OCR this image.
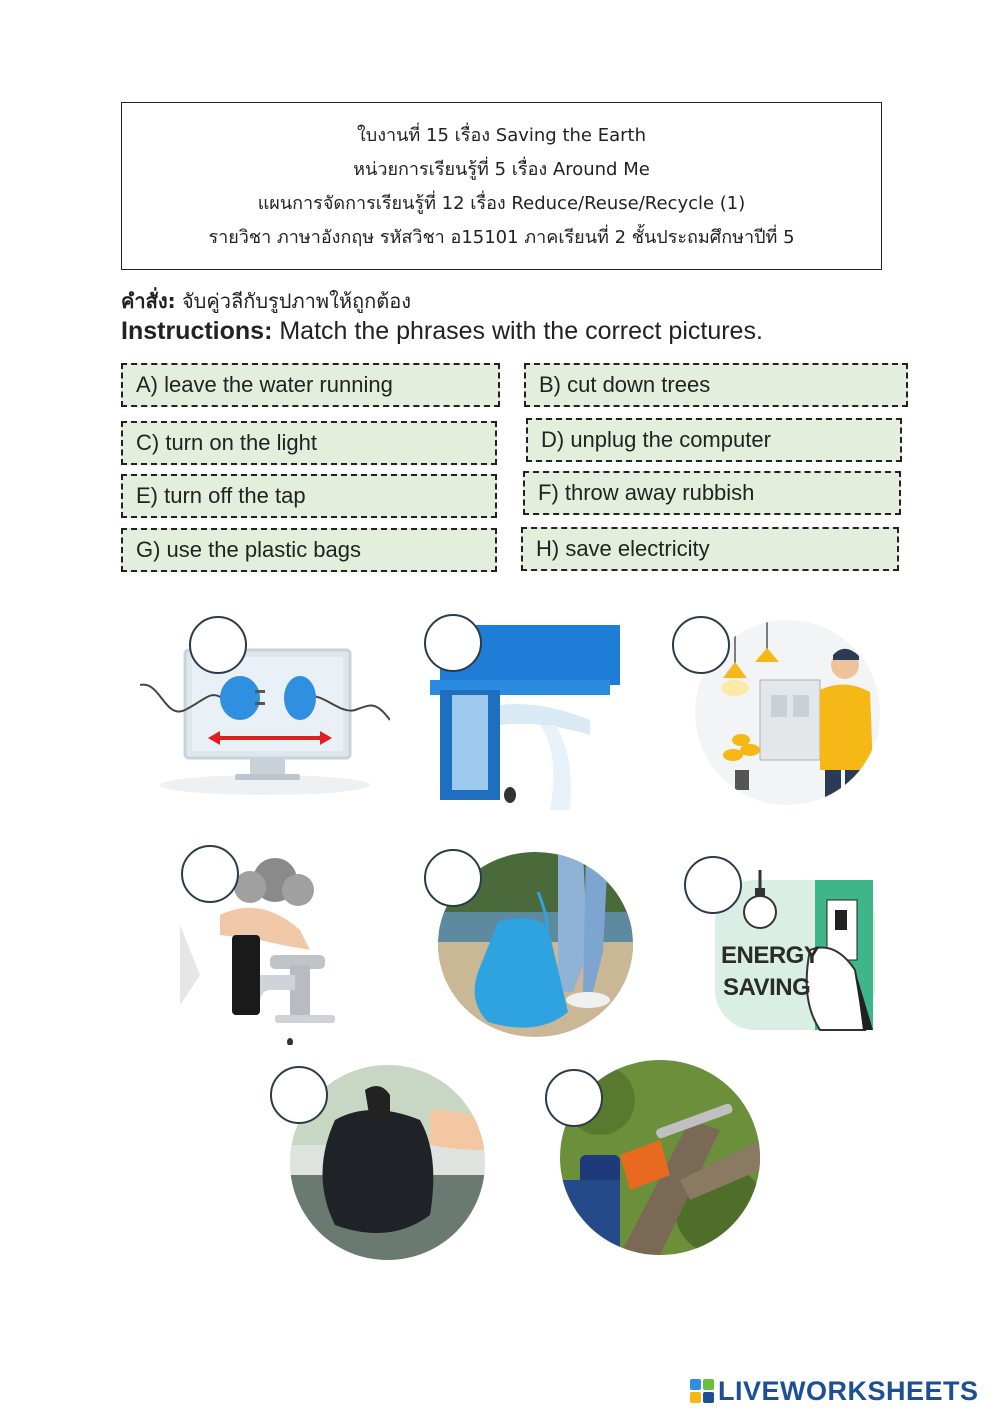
ใบงานที่ 15 เรื่อง Saving the Earth
หน่วยการเรียนรู้ที่ 5 เรื่อง Around Me
แผนการจัดการเรียนรู้ที่ 12 เรื่อง Reduce/Reuse/Recycle (1)
รายวิชา ภาษาอังกฤษ รหัสวิชา อ15101 ภาคเรียนที่ 2 ชั้นประถมศึกษาปีที่ 5
คำสั่ง: จับคู่วลีกับรูปภาพให้ถูกต้อง
Instructions: Match the phrases with the correct pictures.
A) leave the water running	B) cut down trees
C) turn on the light	D) unplug the computer
E) turn off the tap	F) throw away rubbish
G) use the plastic bags	H) save electricity
ENERGY
SAVING
LIVEWORKSHEETS
